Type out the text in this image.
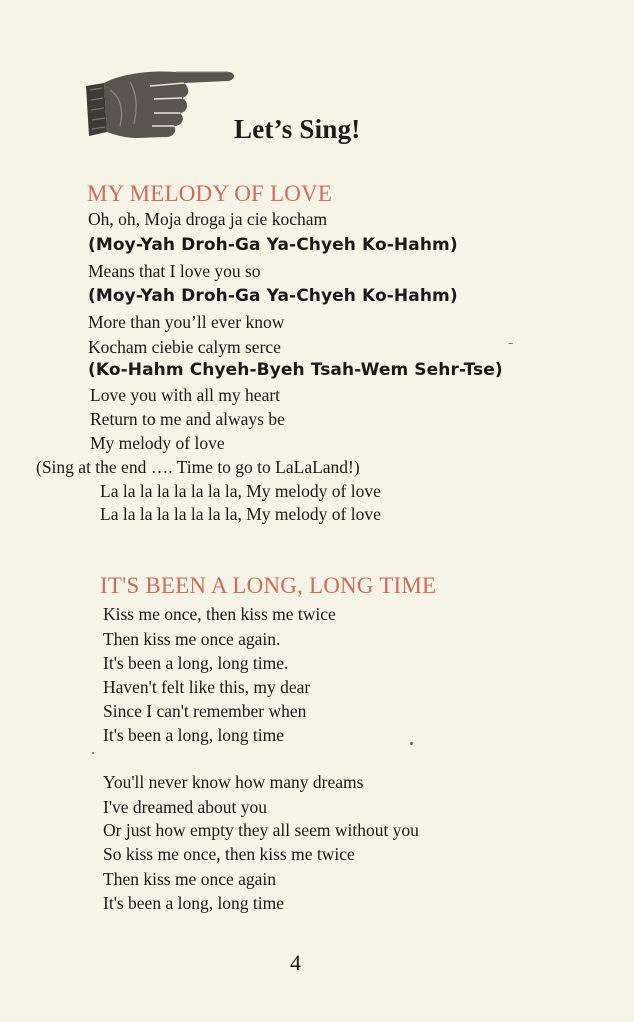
Let’s Sing!
MY MELODY OF LOVE

Oh, oh, Moja droga ja cie kocham

(Moy-Yah Droh-Ga Ya-Chyeh Ko-Hahm)

Means that I love you so

(Moy-Yah Droh-Ga Ya-Chyeh Ko-Hahm)

More than you’ll ever know

Kocham ciebie calym serce

(Ko-Hahm Chyeh-Byeh Tsah-Wem Sehr-Tse)

Love you with all my heart

Return to me and always be

My melody of love

(Sing at the end …. Time to go to LaLaLand!)

La la la la la la la la, My melody of love

La la la la la la la la, My melody of love

IT'S BEEN A LONG, LONG TIME

Kiss me once, then kiss me twice

Then kiss me once again.

It's been a long, long time.

Haven't felt like this, my dear

Since I can't remember when

It's been a long, long time

You'll never know how many dreams

I've dreamed about you

Or just how empty they all seem without you

So kiss me once, then kiss me twice

Then kiss me once again

It's been a long, long time

4
